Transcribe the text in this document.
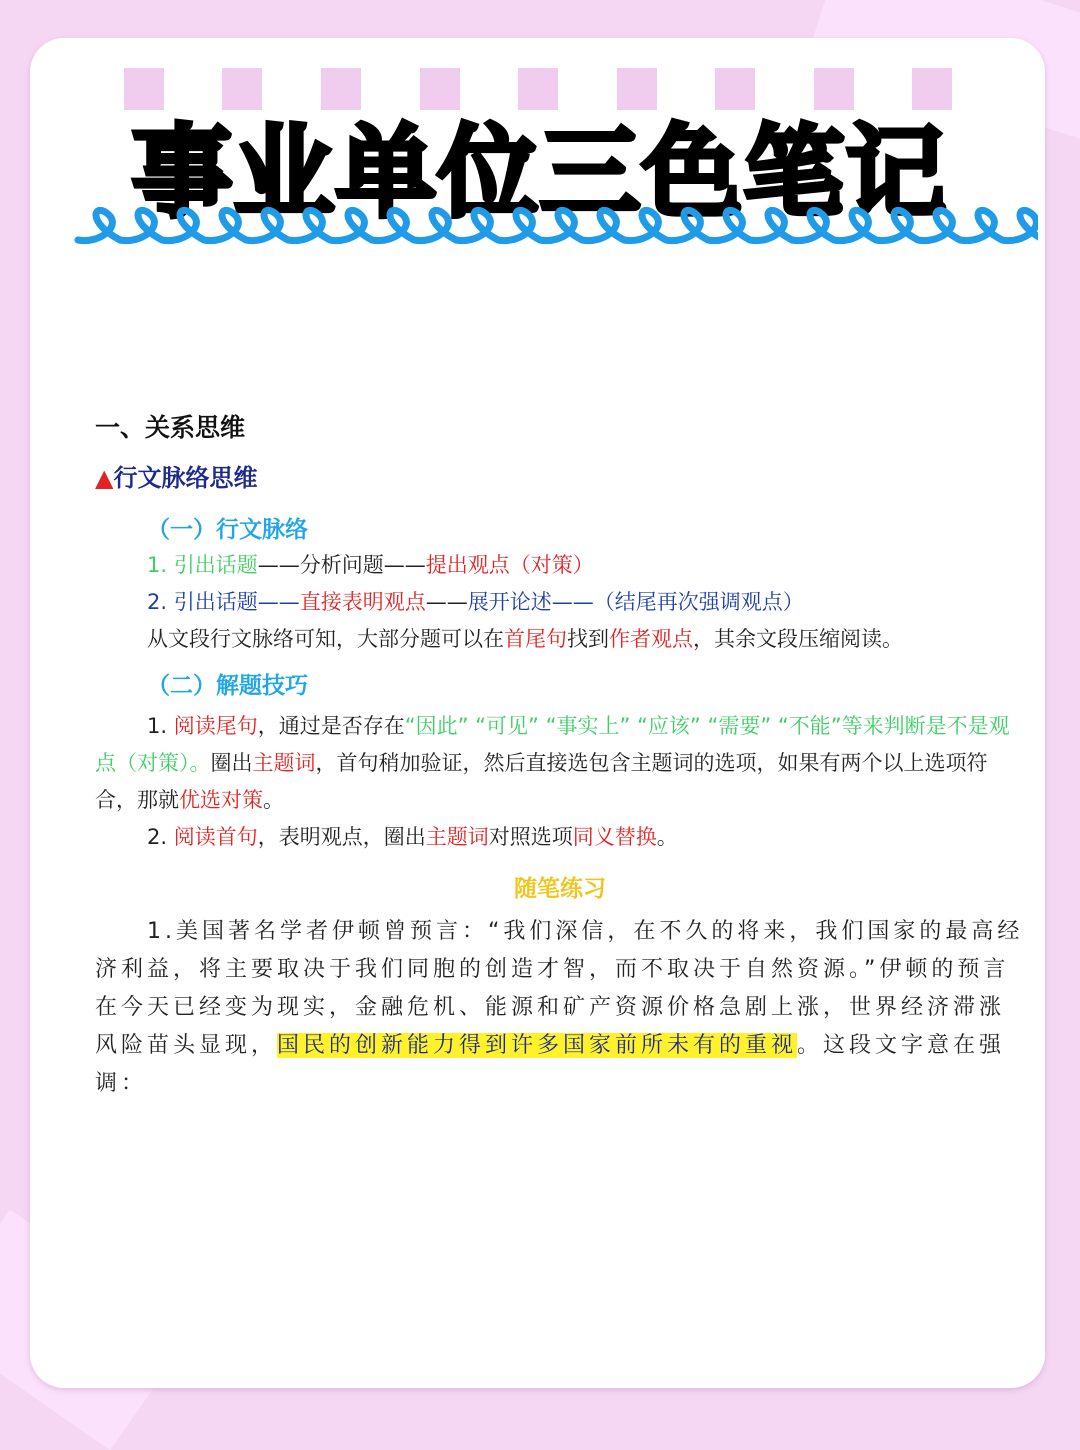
事业单位三色笔记
一、关系思维
▲行文脉络思维
（一）行文脉络
1. 引出话题——分析问题——提出观点（对策）
2. 引出话题——直接表明观点——展开论述——（结尾再次强调观点）
从文段行文脉络可知，大部分题可以在首尾句找到作者观点，其余文段压缩阅读。
（二）解题技巧

1. 阅读尾句，通过是否存在“因此” “可见” “事实上” “应该” “需要” “不能”等来判断是不是观点（对策）。圈出主题词，首句稍加验证，然后直接选包含主题词的选项，如果有两个以上选项符合，那就优选对策。

2. 阅读首句，表明观点，圈出主题词对照选项同义替换。

随笔练习

1.美国著名学者伊顿曾预言：“我们深信，在不久的将来，我们国家的最高经济利益，将主要取决于我们同胞的创造才智，而不取决于自然资源。”伊顿的预言在今天已经变为现实，金融危机、能源和矿产资源价格急剧上涨，世界经济滞涨风险苗头显现，国民的创新能力得到许多国家前所未有的重视。这段文字意在强调：
